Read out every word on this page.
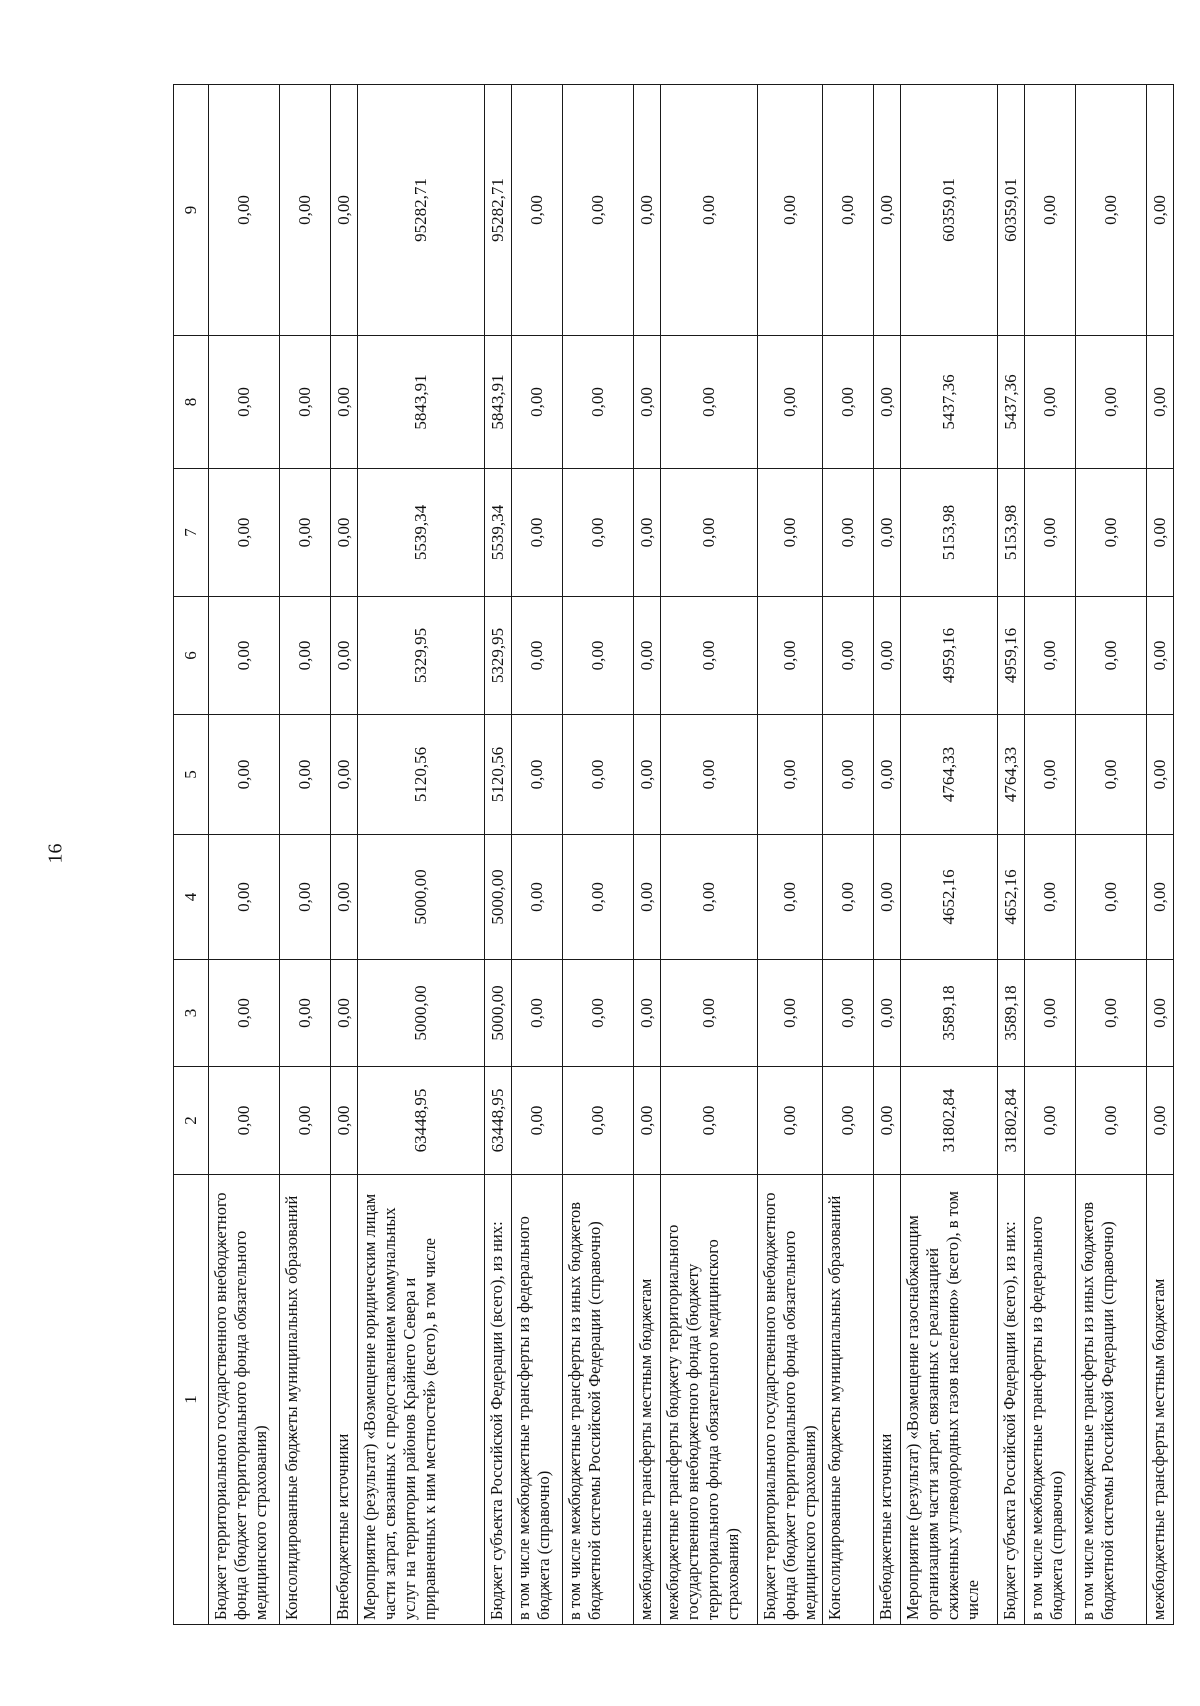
16
1	2	3	4	5	6	7	8	9
Бюджет территориального государственного внебюджетного фонда (бюджет территориального фонда обязательного медицинского страхования)	0,00	0,00	0,00	0,00	0,00	0,00	0,00	0,00
Консолидированные бюджеты муниципальных образований	0,00	0,00	0,00	0,00	0,00	0,00	0,00	0,00
Внебюджетные источники	0,00	0,00	0,00	0,00	0,00	0,00	0,00	0,00
Мероприятие (результат) «Возмещение юридическим лицам части затрат, связанных с предоставлением коммунальных услуг на территории районов Крайнего Севера и приравненных к ним местностей» (всего), в том числе	63448,95	5000,00	5000,00	5120,56	5329,95	5539,34	5843,91	95282,71
Бюджет субъекта Российской Федерации (всего), из них:	63448,95	5000,00	5000,00	5120,56	5329,95	5539,34	5843,91	95282,71
в том числе межбюджетные трансферты из федерального бюджета (справочно)	0,00	0,00	0,00	0,00	0,00	0,00	0,00	0,00
в том числе межбюджетные трансферты из иных бюджетов бюджетной системы Российской Федерации (справочно)	0,00	0,00	0,00	0,00	0,00	0,00	0,00	0,00
межбюджетные трансферты местным бюджетам	0,00	0,00	0,00	0,00	0,00	0,00	0,00	0,00
межбюджетные трансферты бюджету территориального государственного внебюджетного фонда (бюджету территориального фонда обязательного медицинского страхования)	0,00	0,00	0,00	0,00	0,00	0,00	0,00	0,00
Бюджет территориального государственного внебюджетного фонда (бюджет территориального фонда обязательного медицинского страхования)	0,00	0,00	0,00	0,00	0,00	0,00	0,00	0,00
Консолидированные бюджеты муниципальных образований	0,00	0,00	0,00	0,00	0,00	0,00	0,00	0,00
Внебюджетные источники	0,00	0,00	0,00	0,00	0,00	0,00	0,00	0,00
Мероприятие (результат) «Возмещение газоснабжающим организациям части затрат, связанных с реализацией сжиженных углеводородных газов населению» (всего), в том числе	31802,84	3589,18	4652,16	4764,33	4959,16	5153,98	5437,36	60359,01
Бюджет субъекта Российской Федерации (всего), из них:	31802,84	3589,18	4652,16	4764,33	4959,16	5153,98	5437,36	60359,01
в том числе межбюджетные трансферты из федерального бюджета (справочно)	0,00	0,00	0,00	0,00	0,00	0,00	0,00	0,00
в том числе межбюджетные трансферты из иных бюджетов бюджетной системы Российской Федерации (справочно)	0,00	0,00	0,00	0,00	0,00	0,00	0,00	0,00
межбюджетные трансферты местным бюджетам	0,00	0,00	0,00	0,00	0,00	0,00	0,00	0,00
